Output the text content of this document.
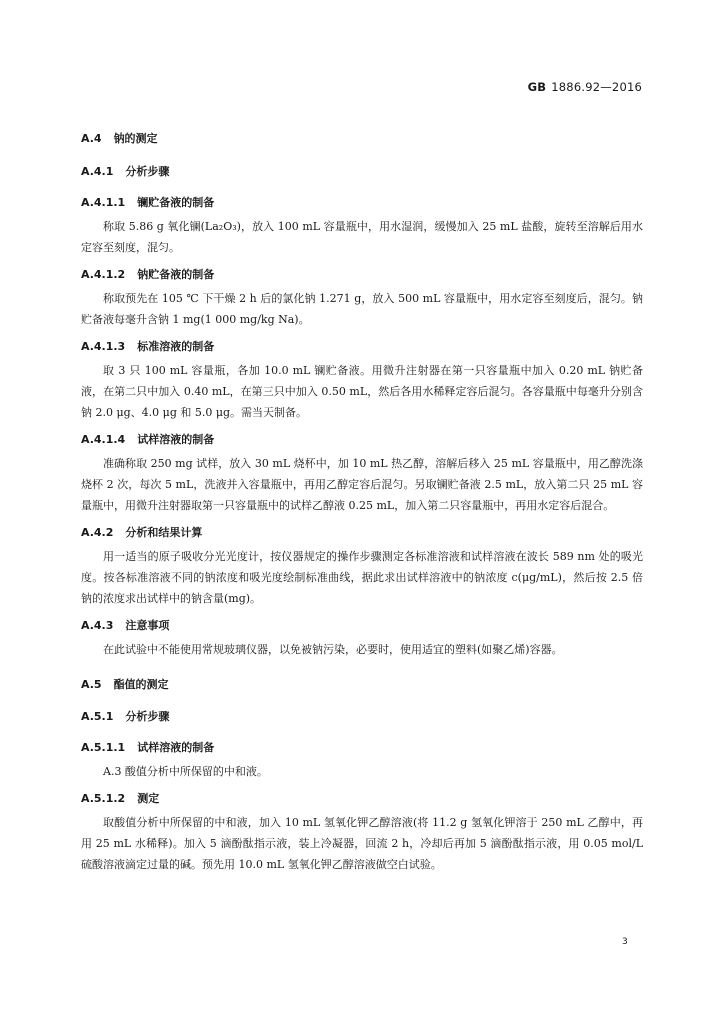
GB 1886.92—2016
A.4 钠的测定
A.4.1 分析步骤
A.4.1.1 镧贮备液的制备

称取 5.86 g 氧化镧(La₂O₃)，放入 100 mL 容量瓶中，用水湿润，缓慢加入 25 mL 盐酸，旋转至溶解后用水定容至刻度，混匀。

A.4.1.2 钠贮备液的制备

称取预先在 105 ℃ 下干燥 2 h 后的氯化钠 1.271 g，放入 500 mL 容量瓶中，用水定容至刻度后，混匀。钠贮备液每毫升含钠 1 mg(1 000 mg/kg Na)。

A.4.1.3 标准溶液的制备

取 3 只 100 mL 容量瓶，各加 10.0 mL 镧贮备液。用微升注射器在第一只容量瓶中加入 0.20 mL 钠贮备液，在第二只中加入 0.40 mL，在第三只中加入 0.50 mL，然后各用水稀释定容后混匀。各容量瓶中每毫升分别含钠 2.0 μg、4.0 μg 和 5.0 μg。需当天制备。

A.4.1.4 试样溶液的制备

准确称取 250 mg 试样，放入 30 mL 烧杯中，加 10 mL 热乙醇，溶解后移入 25 mL 容量瓶中，用乙醇洗涤烧杯 2 次，每次 5 mL，洗液并入容量瓶中，再用乙醇定容后混匀。另取镧贮备液 2.5 mL，放入第二只 25 mL 容量瓶中，用微升注射器取第一只容量瓶中的试样乙醇液 0.25 mL，加入第二只容量瓶中，再用水定容后混合。

A.4.2 分析和结果计算

用一适当的原子吸收分光光度计，按仪器规定的操作步骤测定各标准溶液和试样溶液在波长 589 nm 处的吸光度。按各标准溶液不同的钠浓度和吸光度绘制标准曲线，据此求出试样溶液中的钠浓度 c(μg/mL)，然后按 2.5 倍钠的浓度求出试样中的钠含量(mg)。

A.4.3 注意事项

在此试验中不能使用常规玻璃仪器，以免被钠污染，必要时，使用适宜的塑料(如聚乙烯)容器。

A.5 酯值的测定
A.5.1 分析步骤
A.5.1.1 试样溶液的制备

A.3 酸值分析中所保留的中和液。

A.5.1.2 测定

取酸值分析中所保留的中和液，加入 10 mL 氢氧化钾乙醇溶液(将 11.2 g 氢氧化钾溶于 250 mL 乙醇中，再用 25 mL 水稀释)。加入 5 滴酚酞指示液，装上冷凝器，回流 2 h，冷却后再加 5 滴酚酞指示液，用 0.05 mol/L 硫酸溶液滴定过量的碱。预先用 10.0 mL 氢氧化钾乙醇溶液做空白试验。

3
